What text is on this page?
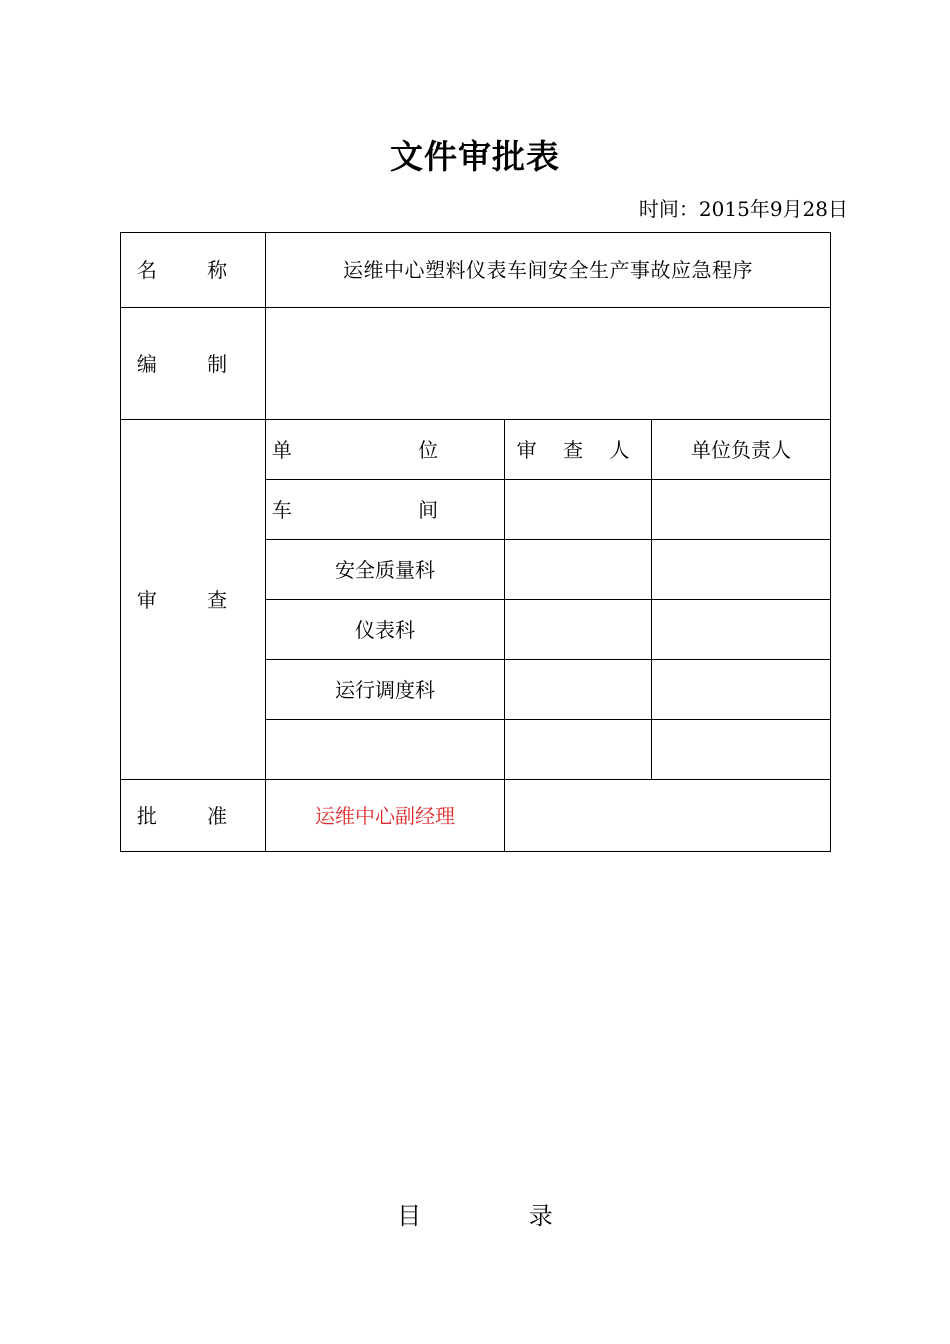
文件审批表
时间：2015年9月28日
名 称	运维中心塑料仪表车间安全生产事故应急程序		
编 制			
审 查	单 位	审 查 人	单位负责人
	车 间		
	安全质量科		
	仪表科		
	运行调度科		

批 准	运维中心副经理		
目 录
